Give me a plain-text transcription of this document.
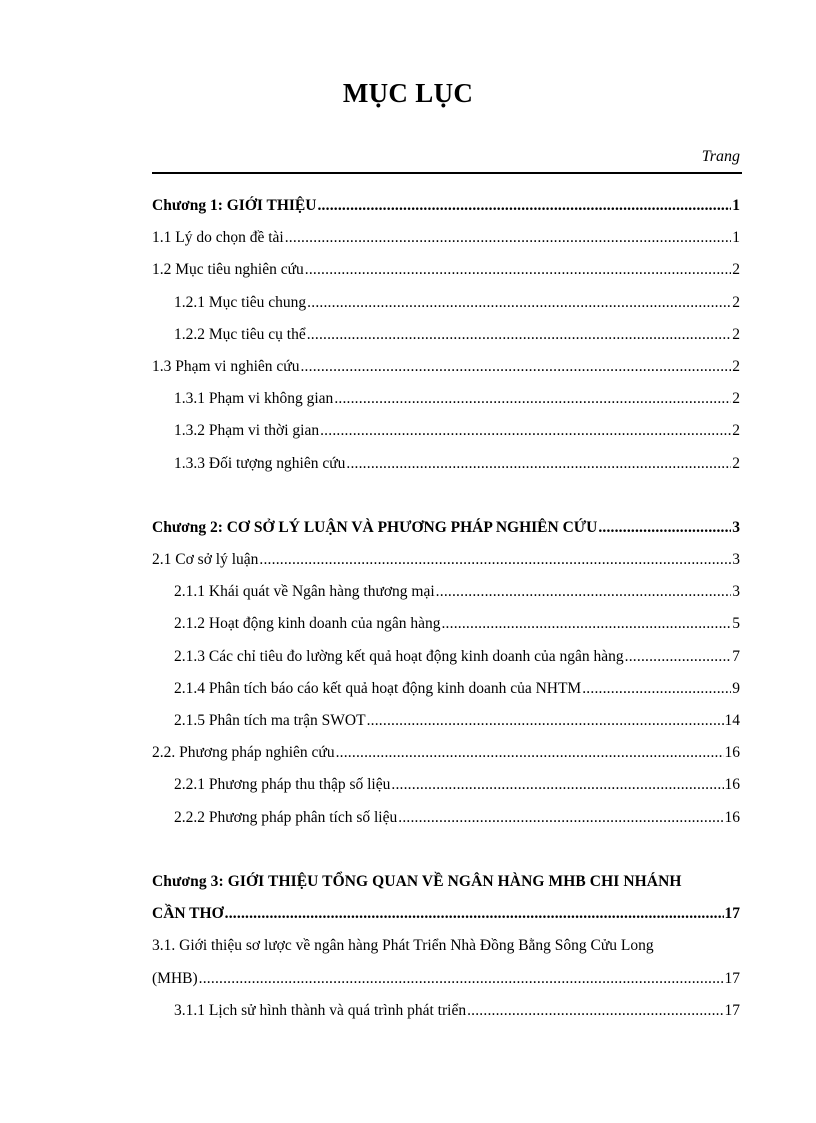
MỤC LỤC
Trang
Chương 1: GIỚI THIỆU .....	1
1.1 Lý do chọn đề tài .....	1
1.2 Mục tiêu nghiên cứu .....	2
1.2.1 Mục tiêu chung .....	2
1.2.2 Mục tiêu cụ thể .....	2
1.3 Phạm vi nghiên cứu .....	2
1.3.1 Phạm vi không gian .....	2
1.3.2 Phạm vi thời gian .....	2
1.3.3 Đối tượng nghiên cứu .....	2
Chương 2: CƠ SỞ LÝ LUẬN VÀ PHƯƠNG PHÁP NGHIÊN CỨU .....	3
2.1 Cơ sở lý luận .....	3
2.1.1 Khái quát về Ngân hàng thương mại .....	3
2.1.2 Hoạt động kinh doanh của ngân hàng .....	5
2.1.3 Các chỉ tiêu đo lường kết quả hoạt động kinh doanh của ngân hàng .....	7
2.1.4 Phân tích báo cáo kết quả hoạt động kinh doanh của NHTM .....	9
2.1.5 Phân tích ma trận SWOT .....	14
2.2. Phương pháp nghiên cứu .....	16
2.2.1 Phương pháp thu thập số liệu .....	16
2.2.2 Phương pháp phân tích số liệu .....	16
Chương 3: GIỚI THIỆU TỔNG QUAN VỀ NGÂN HÀNG MHB CHI NHÁNH
CẦN THƠ .....	17
3.1. Giới thiệu sơ lược về ngân hàng Phát Triển Nhà Đồng Bằng Sông Cửu Long
(MHB) .....	17
3.1.1 Lịch sử hình thành và quá trình phát triển .....	17
